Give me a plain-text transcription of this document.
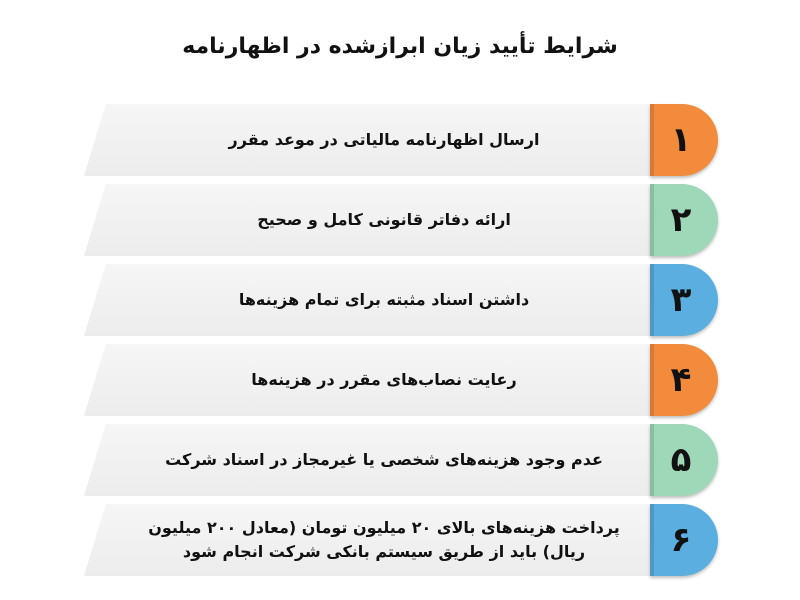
شرایط تأیید زیان ابرازشده در اظهارنامه
ارسال اظهارنامه مالیاتی در موعد مقرر	۱
ارائه دفاتر قانونی کامل و صحیح	۲
داشتن اسناد مثبته برای تمام هزینه‌ها	۳
رعایت نصاب‌های مقرر در هزینه‌ها	۴
عدم وجود هزینه‌های شخصی یا غیرمجاز در اسناد شرکت	۵
پرداخت هزینه‌های بالای ۲۰ میلیون تومان (معادل ۲۰۰ میلیون ریال) باید از طریق سیستم بانکی شرکت انجام شود	۶
